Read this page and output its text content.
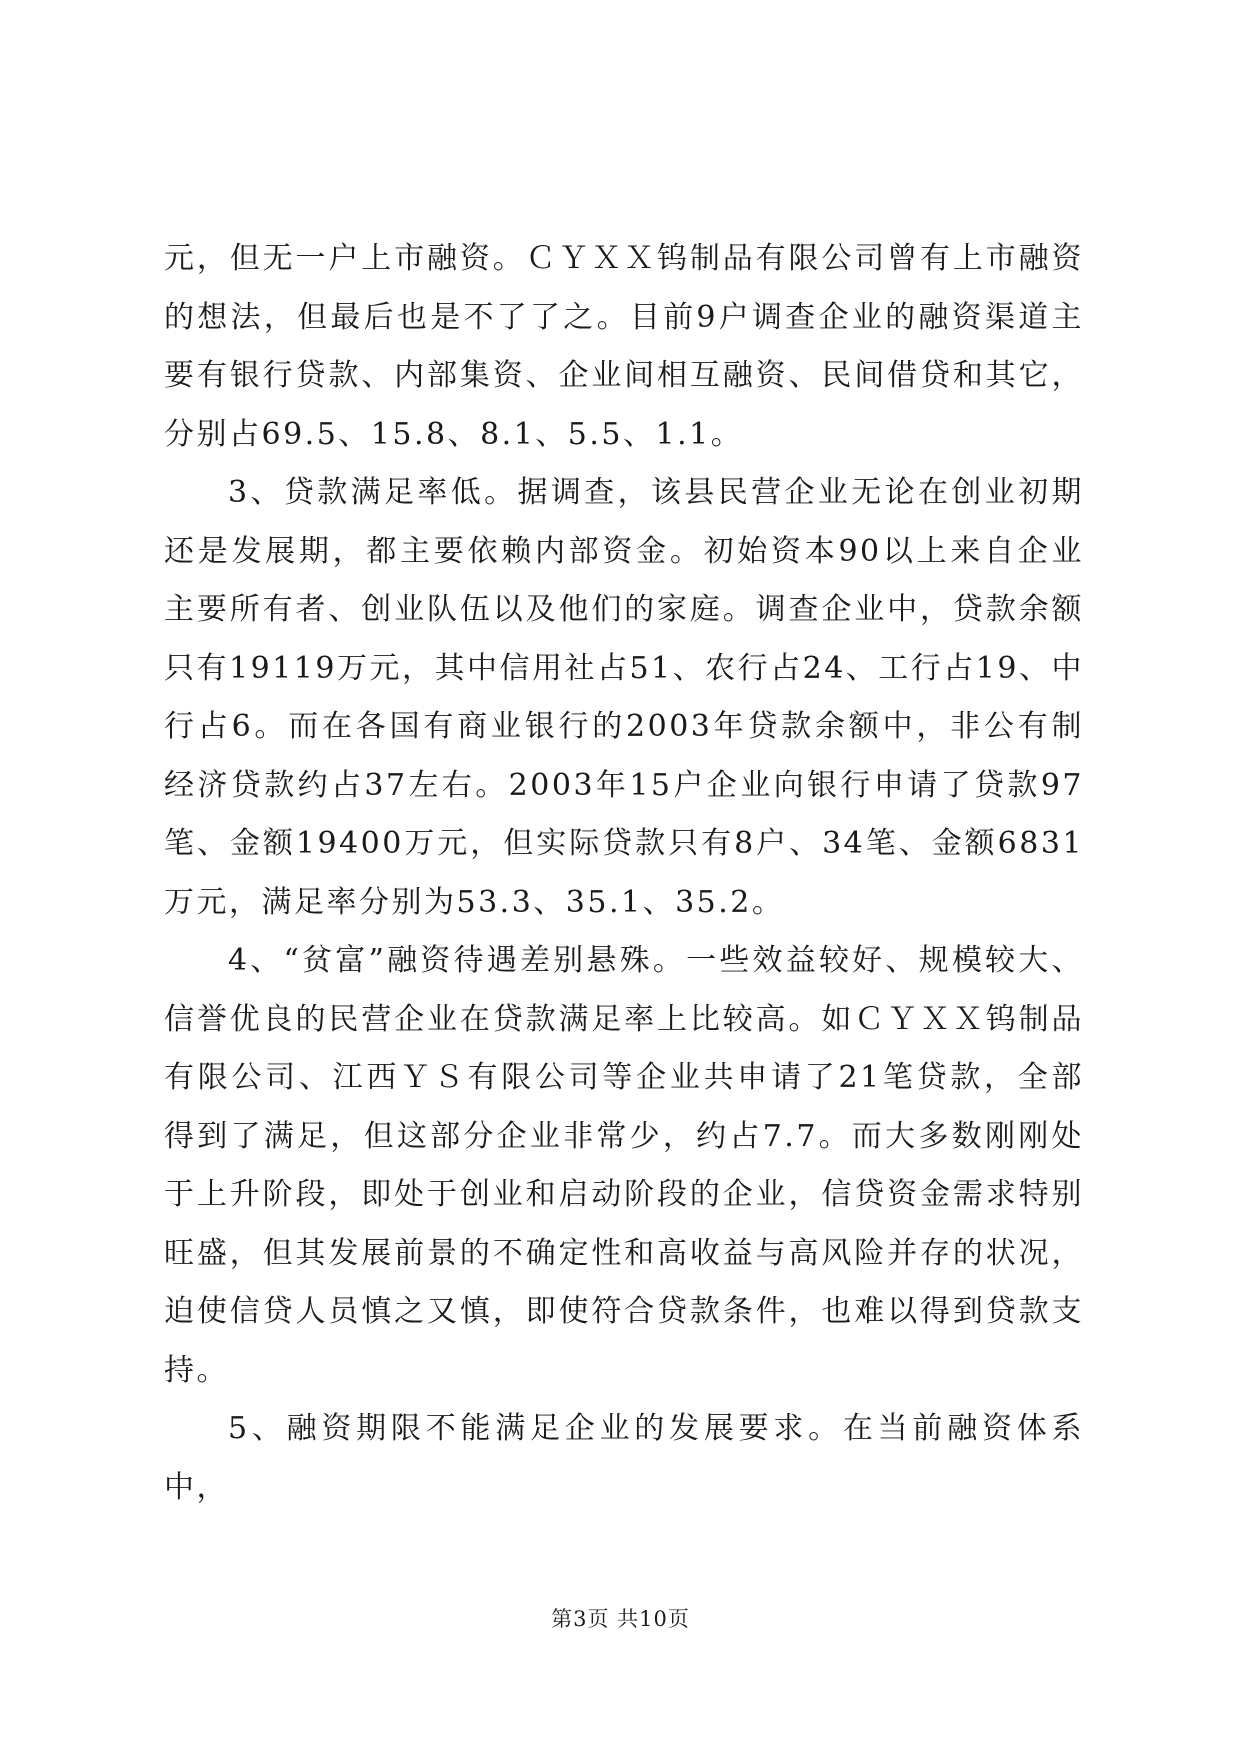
元，但无一户上市融资。ＣＹＸＸ钨制品有限公司曾有上市融资的想法，但最后也是不了了之。目前9户调查企业的融资渠道主要有银行贷款、内部集资、企业间相互融资、民间借贷和其它，分别占69.5、15.8、8.1、5.5、1.1。

3、贷款满足率低。据调查，该县民营企业无论在创业初期还是发展期，都主要依赖内部资金。初始资本90以上来自企业主要所有者、创业队伍以及他们的家庭。调查企业中，贷款余额只有19119万元，其中信用社占51、农行占24、工行占19、中行占6。而在各国有商业银行的2003年贷款余额中，非公有制经济贷款约占37左右。2003年15户企业向银行申请了贷款97笔、金额19400万元，但实际贷款只有8户、34笔、金额6831万元，满足率分别为53.3、35.1、35.2。

4、“贫富”融资待遇差别悬殊。一些效益较好、规模较大、信誉优良的民营企业在贷款满足率上比较高。如ＣＹＸＸ钨制品有限公司、江西ＹＳ有限公司等企业共申请了21笔贷款，全部得到了满足，但这部分企业非常少，约占7.7。而大多数刚刚处于上升阶段，即处于创业和启动阶段的企业，信贷资金需求特别旺盛，但其发展前景的不确定性和高收益与高风险并存的状况，迫使信贷人员慎之又慎，即使符合贷款条件，也难以得到贷款支持。

5、融资期限不能满足企业的发展要求。在当前融资体系中，

第3页 共10页
